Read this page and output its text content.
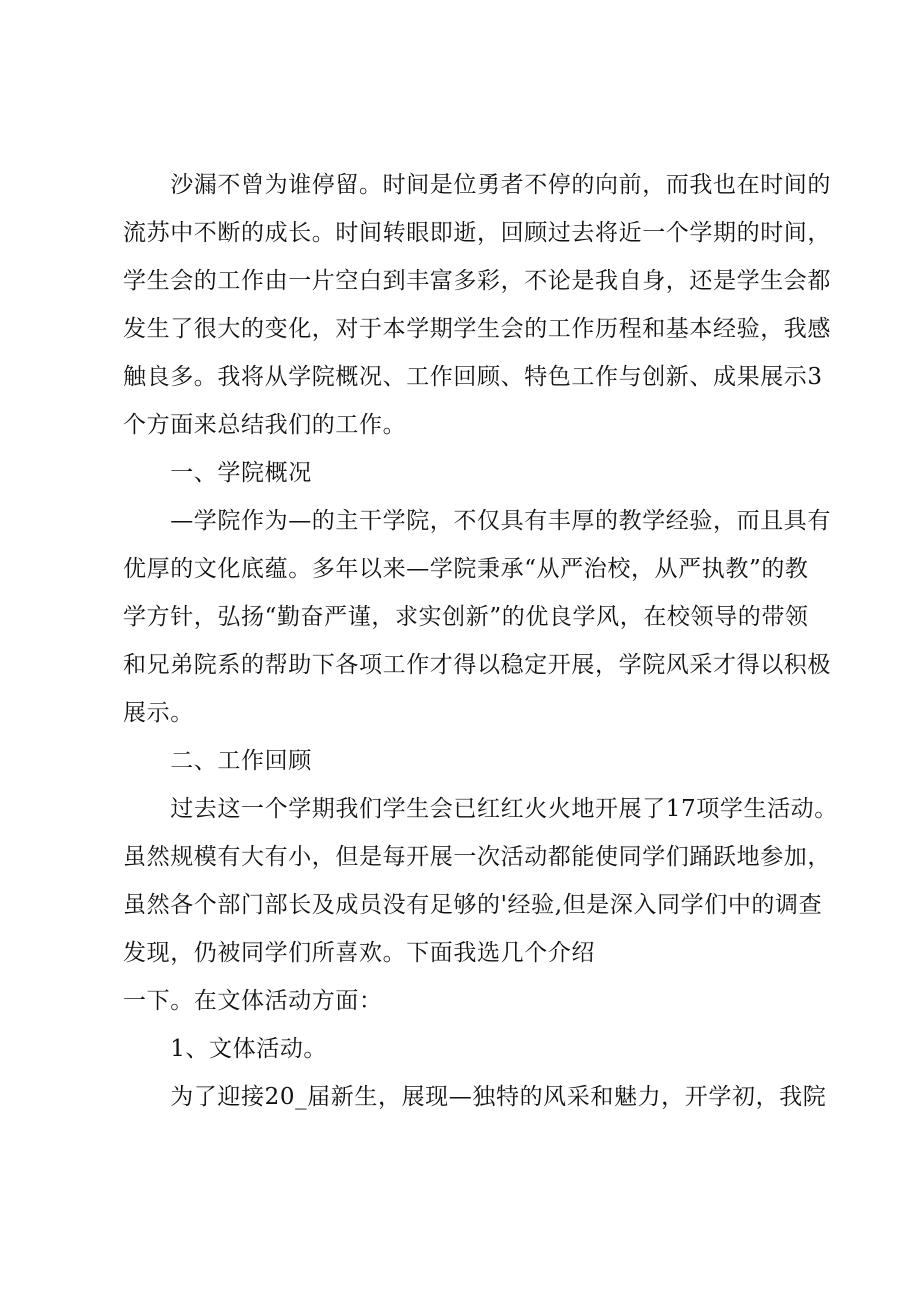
　　沙漏不曾为谁停留。时间是位勇者不停的向前，而我也在时间的
流苏中不断的成长。时间转眼即逝，回顾过去将近一个学期的时间，
学生会的工作由一片空白到丰富多彩，不论是我自身，还是学生会都
发生了很大的变化，对于本学期学生会的工作历程和基本经验，我感
触良多。我将从学院概况、工作回顾、特色工作与创新、成果展示3
个方面来总结我们的工作。
　　一、学院概况
　　—学院作为—的主干学院，不仅具有丰厚的教学经验，而且具有
优厚的文化底蕴。多年以来—学院秉承“从严治校，从严执教”的教
学方针，弘扬“勤奋严谨，求实创新”的优良学风，在校领导的带领
和兄弟院系的帮助下各项工作才得以稳定开展，学院风采才得以积极
展示。
　　二、工作回顾
　　过去这一个学期我们学生会已红红火火地开展了17项学生活动。
虽然规模有大有小，但是每开展一次活动都能使同学们踊跃地参加，
虽然各个部门部长及成员没有足够的'经验,但是深入同学们中的调查
发现，仍被同学们所喜欢。下面我选几个介绍
一下。在文体活动方面：
　　1、文体活动。
　　为了迎接20_届新生，展现—独特的风采和魅力，开学初，我院
